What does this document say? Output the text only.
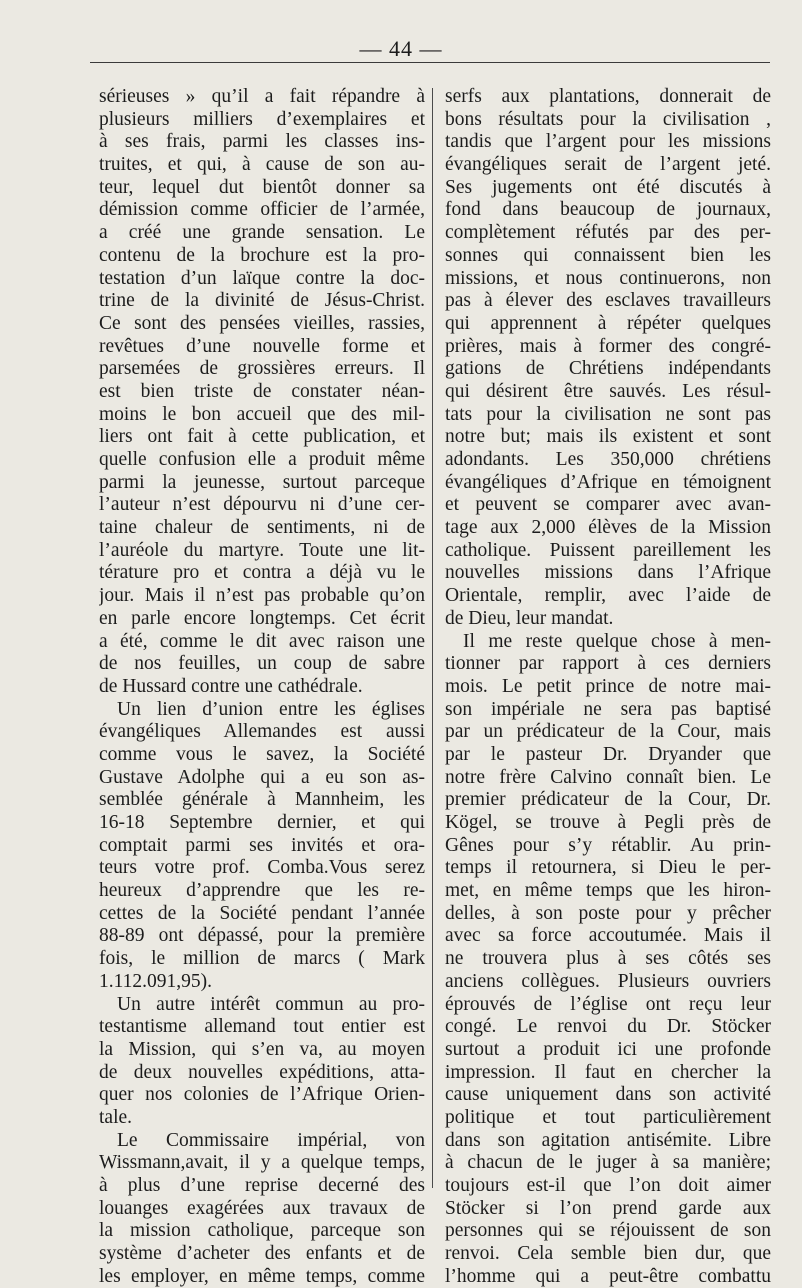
— 44 —
sérieuses » qu’il a fait répandre à
plusieurs milliers d’exemplaires et
à ses frais, parmi les classes ins-
truites, et qui, à cause de son au-
teur, lequel dut bientôt donner sa
démission comme officier de l’armée,
a créé une grande sensation. Le
contenu de la brochure est la pro-
testation d’un laïque contre la doc-
trine de la divinité de Jésus-Christ.
Ce sont des pensées vieilles, rassies,
revêtues d’une nouvelle forme et
parsemées de grossières erreurs. Il
est bien triste de constater néan-
moins le bon accueil que des mil-
liers ont fait à cette publication, et
quelle confusion elle a produit même
parmi la jeunesse, surtout parceque
l’auteur n’est dépourvu ni d’une cer-
taine chaleur de sentiments, ni de
l’auréole du martyre. Toute une lit-
térature pro et contra a déjà vu le
jour. Mais il n’est pas probable qu’on
en parle encore longtemps. Cet écrit
a été, comme le dit avec raison une
de nos feuilles, un coup de sabre
de Hussard contre une cathédrale.
Un lien d’union entre les églises
évangéliques Allemandes est aussi
comme vous le savez, la Société
Gustave Adolphe qui a eu son as-
semblée générale à Mannheim, les
16-18 Septembre dernier, et qui
comptait parmi ses invités et ora-
teurs votre prof. Comba.Vous serez
heureux d’apprendre que les re-
cettes de la Société pendant l’année
88-89 ont dépassé, pour la première
fois, le million de marcs ( Mark
1.112.091,95).
Un autre intérêt commun au pro-
testantisme allemand tout entier est
la Mission, qui s’en va, au moyen
de deux nouvelles expéditions, atta-
quer nos colonies de l’Afrique Orien-
tale.
Le Commissaire impérial, von
Wissmann,avait, il y a quelque temps,
à plus d’une reprise decerné des
louanges exagérées aux travaux de
la mission catholique, parceque son
système d’acheter des enfants et de
les employer, en même temps, comme
serfs aux plantations, donnerait de
bons résultats pour la civilisation ,
tandis que l’argent pour les missions
évangéliques serait de l’argent jeté.
Ses jugements ont été discutés à
fond dans beaucoup de journaux,
complètement réfutés par des per-
sonnes qui connaissent bien les
missions, et nous continuerons, non
pas à élever des esclaves travailleurs
qui apprennent à répéter quelques
prières, mais à former des congré-
gations de Chrétiens indépendants
qui désirent être sauvés. Les résul-
tats pour la civilisation ne sont pas
notre but; mais ils existent et sont
adondants. Les 350,000 chrétiens
évangéliques d’Afrique en témoignent
et peuvent se comparer avec avan-
tage aux 2,000 élèves de la Mission
catholique. Puissent pareillement les
nouvelles missions dans l’Afrique
Orientale, remplir, avec l’aide de
de Dieu, leur mandat.
Il me reste quelque chose à men-
tionner par rapport à ces derniers
mois. Le petit prince de notre mai-
son impériale ne sera pas baptisé
par un prédicateur de la Cour, mais
par le pasteur Dr. Dryander que
notre frère Calvino connaît bien. Le
premier prédicateur de la Cour, Dr.
Kögel, se trouve à Pegli près de
Gênes pour s’y rétablir. Au prin-
temps il retournera, si Dieu le per-
met, en même temps que les hiron-
delles, à son poste pour y prêcher
avec sa force accoutumée. Mais il
ne trouvera plus à ses côtés ses
anciens collègues. Plusieurs ouvriers
éprouvés de l’église ont reçu leur
congé. Le renvoi du Dr. Stöcker
surtout a produit ici une profonde
impression. Il faut en chercher la
cause uniquement dans son activité
politique et tout particulièrement
dans son agitation antisémite. Libre
à chacun de le juger à sa manière;
toujours est-il que l’on doit aimer
Stöcker si l’on prend garde aux
personnes qui se réjouissent de son
renvoi. Cela semble bien dur, que
l’homme qui a peut-être combattu
